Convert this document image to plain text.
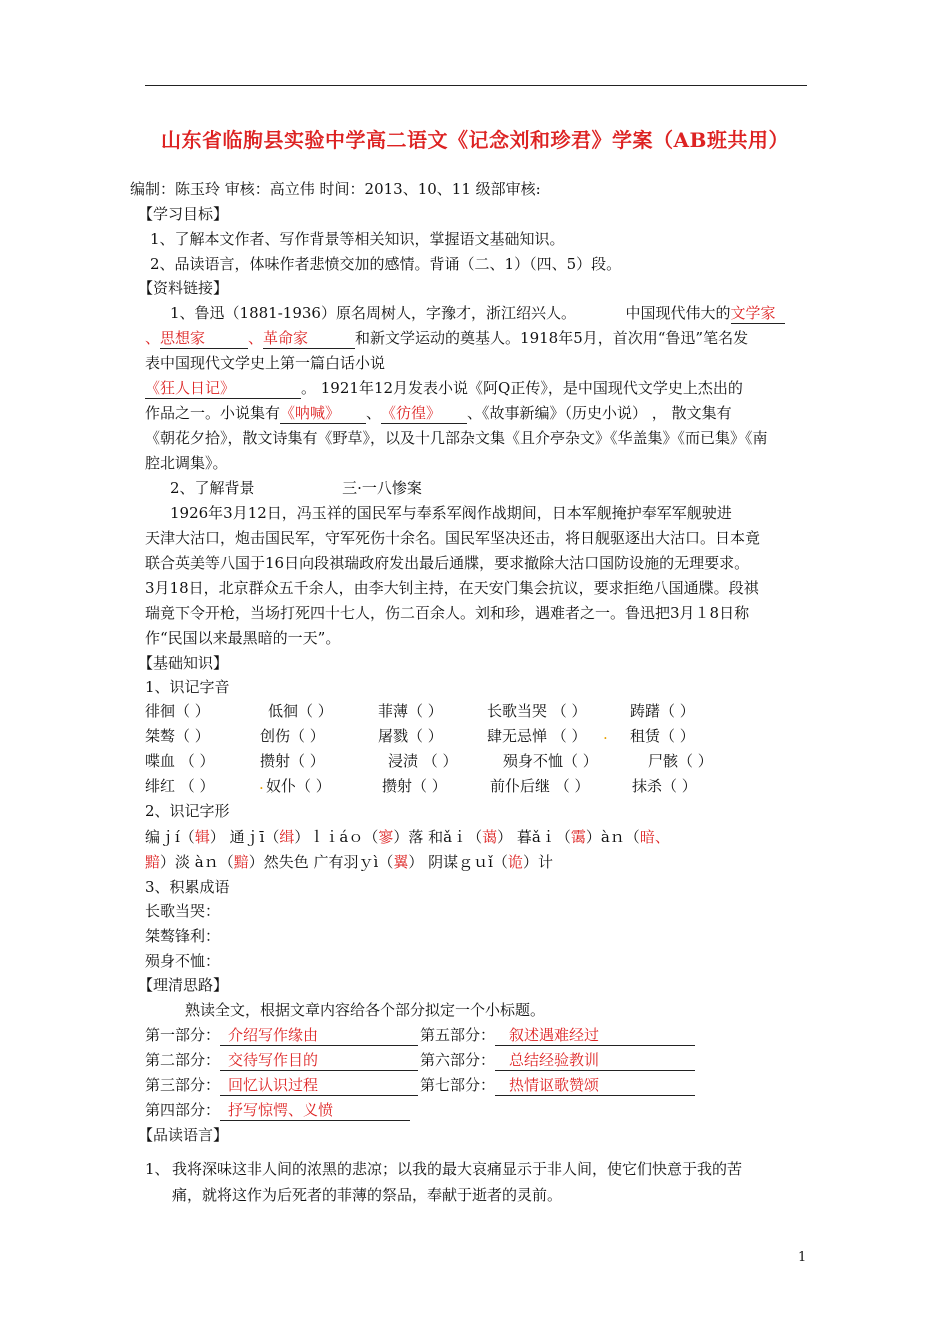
山东省临朐县实验中学高二语文《记念刘和珍君》学案（AB班共用）
编制：陈玉玲 审核：高立伟 时间：2013、10、11 级部审核:
【学习目标】
1、了解本文作者、写作背景等相关知识，掌握语文基础知识。
2、品读语言，体味作者悲愤交加的感情。背诵（二、1）（四、5）段。
【资料链接】
1、鲁迅（1881-1936）原名周树人，字豫才，浙江绍兴人。	中国现代伟大的文学家
、思想家	、革命家	和新文学运动的奠基人。1918年5月，首次用“鲁迅”笔名发
表中国现代文学史上第一篇白话小说
《狂人日记》	。 1921年12月发表小说《阿Q正传》，是中国现代文学史上杰出的
作品之一。小说集有《呐喊》 、《彷徨》 、《故事新编》（历史小说） ， 散文集有
《朝花夕拾》，散文诗集有《野草》，以及十几部杂文集《且介亭杂文》《华盖集》《而已集》《南
腔北调集》。
2、了解背景	三·一八惨案
1926年3月12日，冯玉祥的国民军与奉系军阀作战期间，日本军舰掩护奉军军舰驶进
天津大沽口，炮击国民军，守军死伤十余名。国民军坚决还击，将日舰驱逐出大沽口。日本竟
联合英美等八国于16日向段祺瑞政府发出最后通牒，要求撤除大沽口国防设施的无理要求。
3月18日，北京群众五千余人，由李大钊主持，在天安门集会抗议，要求拒绝八国通牒。段祺
瑞竟下令开枪，当场打死四十七人，伤二百余人。刘和珍，遇难者之一。鲁迅把3月１8日称
作“民国以来最黑暗的一天”。
【基础知识】
1、识记字音
徘徊（ ）	低徊（ ）	菲薄（ ）	长歌当哭 （ ）	踌躇（ ）
桀骜（ ）	创伤（ ）	屠戮（ ）	肆无忌惮 （ ） . 租赁（ ）
喋血 （ ）	攒射（ ）	浸渍 （ ）	殒身不恤（ ）	尸骸（ ）
绯红 （ ）	. 奴仆（ ）	攒射（ ）	前仆后继 （ ）	抹杀（ ）
2、识记字形
编ｊí（辑） 通ｊī（缉）ｌｉáｏ（寥）落 和ǎｉ（蔼） 暮ǎｉ（霭）àｎ（暗、
黯）淡 àｎ（黯）然失色 广有羽ｙì（翼） 阴谋ｇｕǐ（诡）计
3、积累成语
长歌当哭：
桀骜锋利：
殒身不恤：
【理清思路】
熟读全文，根据文章内容给各个部分拟定一个小标题。
第一部分： 介绍写作缘由
第二部分： 交待写作目的
第三部分： 回忆认识过程
第四部分： 抒写惊愕、义愤
第五部分： 叙述遇难经过
第六部分： 总结经验教训
第七部分： 热情讴歌赞颂
【品读语言】
1、 我将深味这非人间的浓黑的悲凉；以我的最大哀痛显示于非人间，使它们快意于我的苦
痛，就将这作为后死者的菲薄的祭品，奉献于逝者的灵前。
1
